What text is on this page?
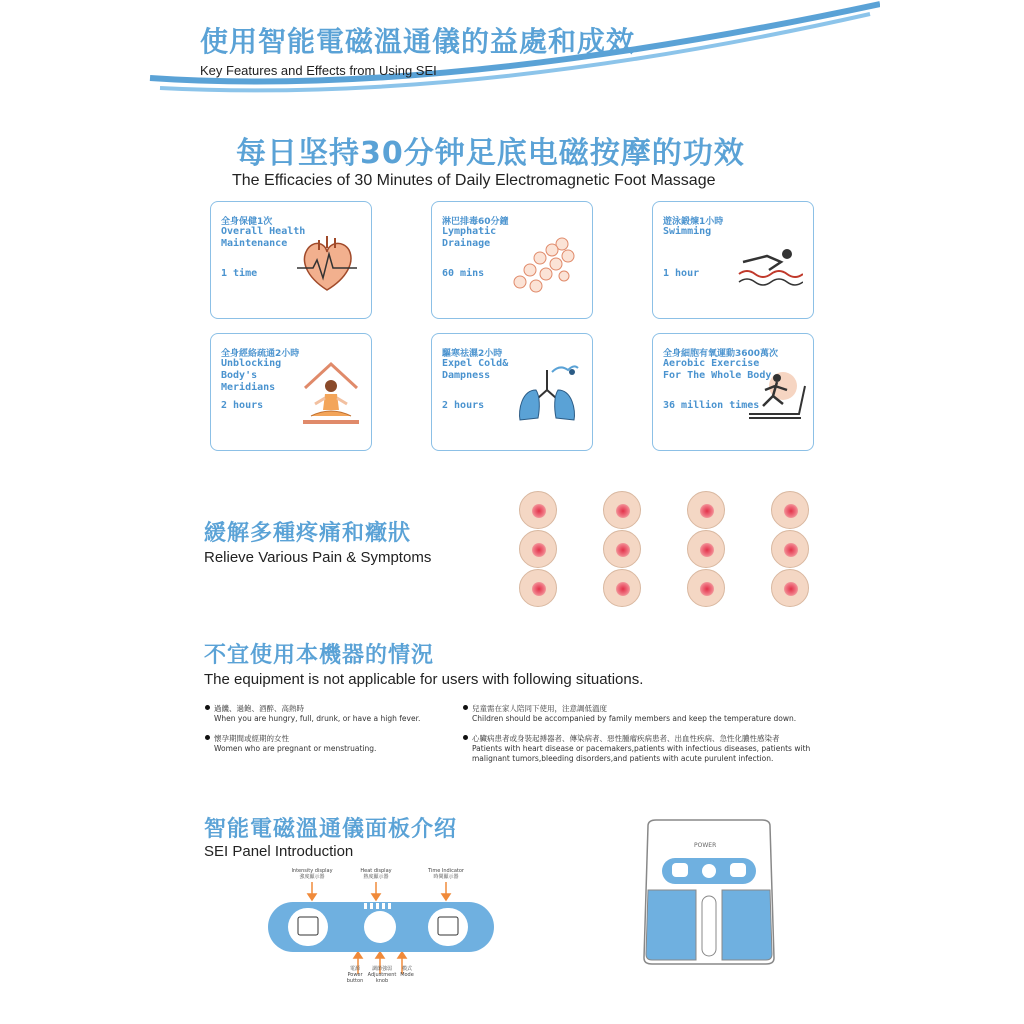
使用智能電磁溫通儀的益處和成效
Key Features and Effects from Using SEI
每日坚持30分钟足底电磁按摩的功效
The Efficacies of 30 Minutes of Daily Electromagnetic Foot Massage
全身保健1次
Overall Health Maintenance
1 time
淋巴排毒60分鐘
Lymphatic Drainage
60 mins
遊泳鍛煉1小時
Swimming
1 hour
全身經絡疏通2小時
Unblocking Body's Meridians
2 hours
驅寒祛濕2小時
Expel Cold& Dampness
2 hours
全身細胞有氧運動3600萬次
Aerobic Exercise For The Whole Body
36 million times
緩解多種疼痛和癥狀
Relieve Various Pain & Symptoms
不宜使用本機器的情況
The equipment is not applicable for users with following situations.
過饑、過飽、酒醉、高熱時
When you are hungry, full, drunk, or have a high fever.
懷孕期間或經期的女性
Women who are pregnant or menstruating.
兒童需在家人陪同下使用，注意調低溫度
Children should be accompanied by family members and keep the temperature down.
心臟病患者或身裝起搏器者、傳染病者、惡性腫瘤疾病患者、出血性疾病、急性化膿性感染者
Patients with heart disease or pacemakers,patients with infectious diseases, patients with malignant tumors,bleeding disorders,and patients with acute purulent infection.
智能電磁溫通儀面板介绍
SEI Panel Introduction
Intensity display
強度顯示器
Heat display
熱度顯示器
Time Indicator
時間顯示器
電源
Power button
調節強弱
Adjustment knob
模式
Mode
POWER
